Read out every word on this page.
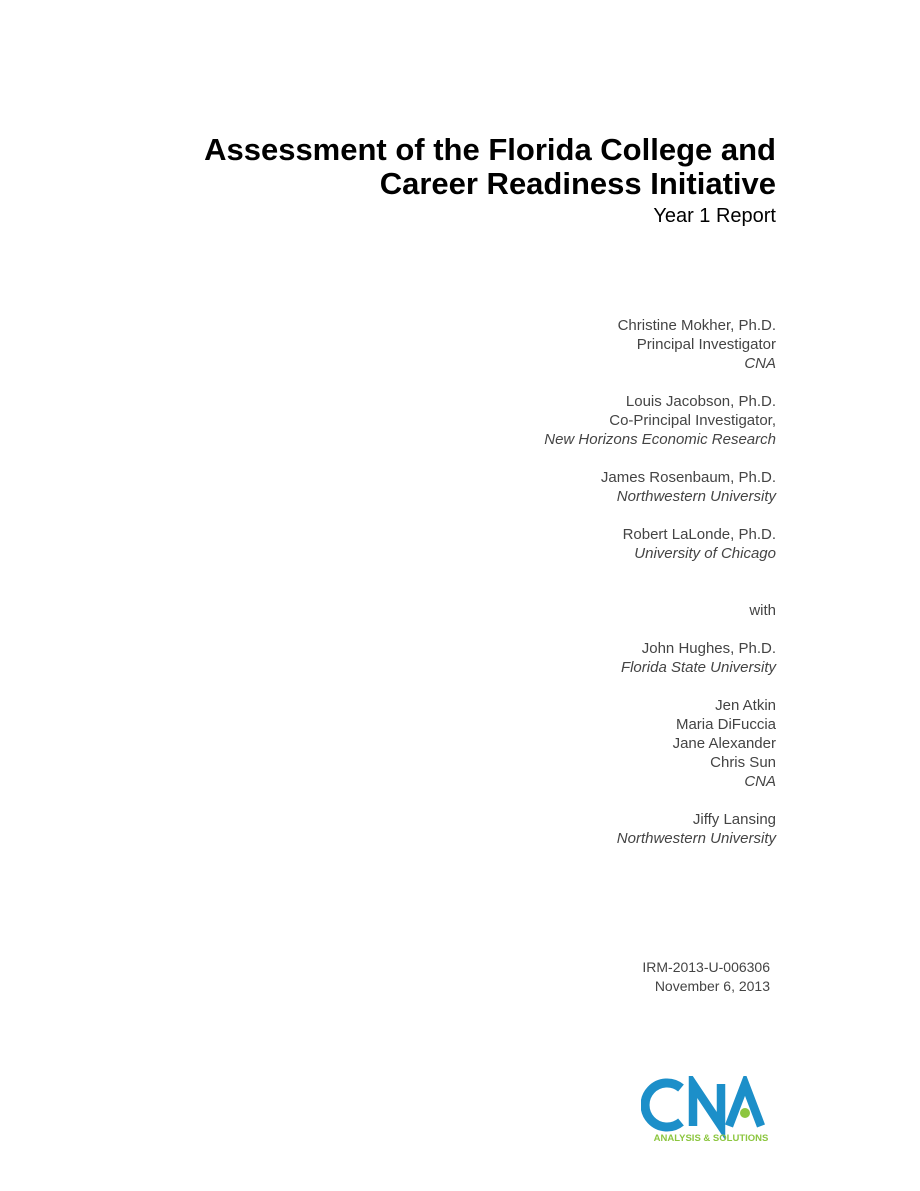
Assessment of the Florida College and
Career Readiness Initiative
Year 1 Report
Christine Mokher, Ph.D.
Principal Investigator
CNA
Louis Jacobson, Ph.D.
Co-Principal Investigator,
New Horizons Economic Research
James Rosenbaum, Ph.D.
Northwestern University
Robert LaLonde, Ph.D.
University of Chicago
with
John Hughes, Ph.D.
Florida State University
Jen Atkin
Maria DiFuccia
Jane Alexander
Chris Sun
CNA
Jiffy Lansing
Northwestern University
IRM-2013-U-006306
November 6, 2013
ANALYSIS & SOLUTIONS
